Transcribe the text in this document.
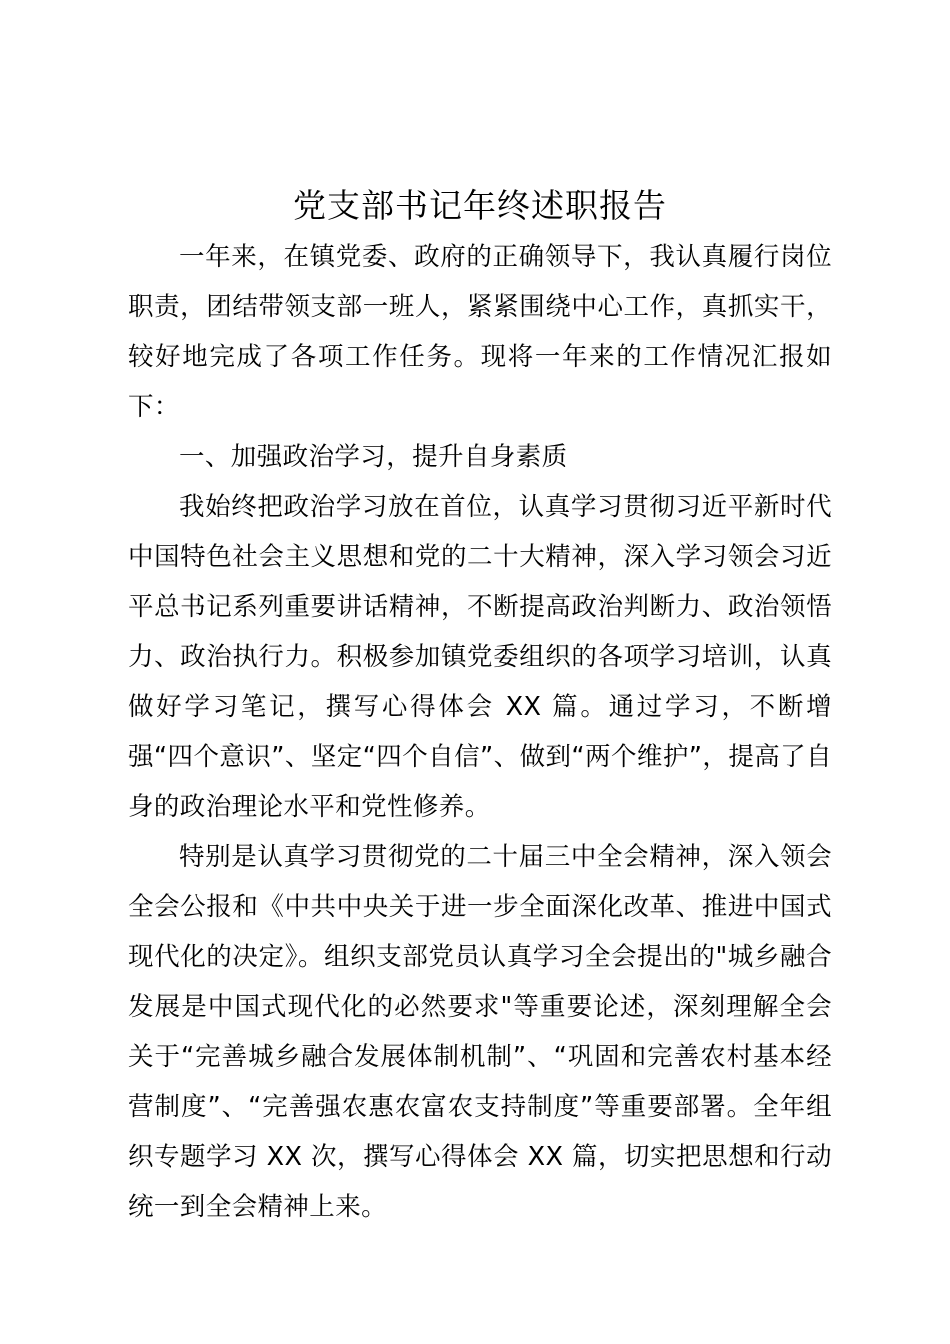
党支部书记年终述职报告

一年来，在镇党委、政府的正确领导下，我认真履行岗位职责，团结带领支部一班人，紧紧围绕中心工作，真抓实干，较好地完成了各项工作任务。现将一年来的工作情况汇报如下：

一、加强政治学习，提升自身素质

我始终把政治学习放在首位，认真学习贯彻习近平新时代中国特色社会主义思想和党的二十大精神，深入学习领会习近平总书记系列重要讲话精神，不断提高政治判断力、政治领悟力、政治执行力。积极参加镇党委组织的各项学习培训，认真做好学习笔记，撰写心得体会 XX 篇。通过学习，不断增强“四个意识”、坚定“四个自信”、做到“两个维护”，提高了自身的政治理论水平和党性修养。

特别是认真学习贯彻党的二十届三中全会精神，深入领会全会公报和《中共中央关于进一步全面深化改革、推进中国式现代化的决定》。组织支部党员认真学习全会提出的"城乡融合发展是中国式现代化的必然要求"等重要论述，深刻理解全会关于“完善城乡融合发展体制机制”、“巩固和完善农村基本经营制度”、“完善强农惠农富农支持制度”等重要部署。全年组织专题学习 XX 次，撰写心得体会 XX 篇，切实把思想和行动统一到全会精神上来。
